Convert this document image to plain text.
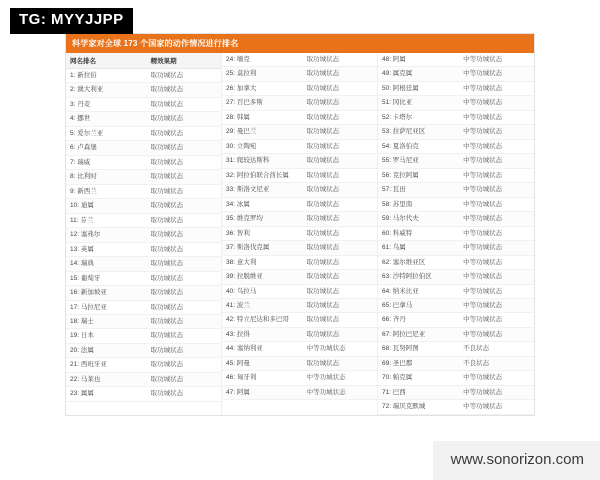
科学家对全球 173 个国家的动作情况进行排名
网名排名	精效果期
1: 新拉伯	取功城状态
2: 澳大利亚	取功城状态
3: 丹麦	取功城状态
4: 挪世	取功城状态
5: 爱尔兰亚	取功城状态
6: 卢森堡	取功城状态
7: 瑞威	取功城状态
8: 比利时	取功城状态
9: 新西兰	取功城状态
10: 迪属	取功城状态
11: 芬兰	取功城状态
12: 塞弗尔	取功城状态
13: 英属	取功城状态
14: 瑞典	取功城状态
15: 葡萄牙	取功城状态
16: 新加坡亚	取功城状态
17: 马拉尼亚	取功城状态
18: 瑞士	取功城状态
19: 日本	取功城状态
20: 法属	取功城状态
21: 西班牙亚	取功城状态
22: 马莱也	取功城状态
23: 属属	取功城状态
24: 缅克	取功城状态
25: 莫拉利	取功城状态
26: 加拿大	取功城状态
27: 百巴多斯	取功城状态
28: 韩属	取功城状态
29: 曼巴兰	取功城状态
30: 立陶宛	取功城状态
31: 爬较达斯科	取功城状态
32: 阿拉伯联合酋长属	取功城状态
33: 斯洛文尼亚	取功城状态
34: 冰属	取功城状态
35: 维克罗均	取功城状态
36: 智利	取功城状态
37: 斯洛伐克属	取功城状态
38: 意大利	取功城状态
39: 拉脱维亚	取功城状态
40: 乌拉马	取功城状态
41: 波兰	取功城状态
42: 特立尼达和多巴哥	取功城状态
43: 拉得	取功城状态
44: 塞纳利亚	中等功城状态
45: 阿曼	取功城状态
46: 匈牙利	中等功城状态
47: 阿属	中等功城状态
48: 阿属	中等功城状态
49: 属克属	中等功城状态
50: 阿根廷属	中等功城状态
51: 冈比亚	中等功城状态
52: 卡塔尔	中等功城状态
53: 拉萨尼亚区	中等功城状态
54: 夏洛伯克	中等功城状态
55: 罗马尼亚	中等功城状态
56: 克拉阿属	中等功城状态
57: 瓦田	中等功城状态
58: 苏里南	中等功城状态
59: 马尔代夫	中等功城状态
60: 科威特	中等功城状态
61: 乌属	中等功城状态
62: 塞尔维亚区	中等功城状态
63: 沙特阿拉伯区	中等功城状态
64: 纳米比亚	中等功城状态
65: 巴拿马	中等功城状态
66: 齐丹	中等功城状态
67: 阿拉巴尼亚	中等功城状态
68: 瓦努阿图	不良状态
69: 圣巴郡	不良状态
70: 帕克属	中等功城状态
71: 巴西	中等功城状态
72: 瑞厌克默城	中等功城状态
TG: MYYJJPP
www.sonorizon.com
